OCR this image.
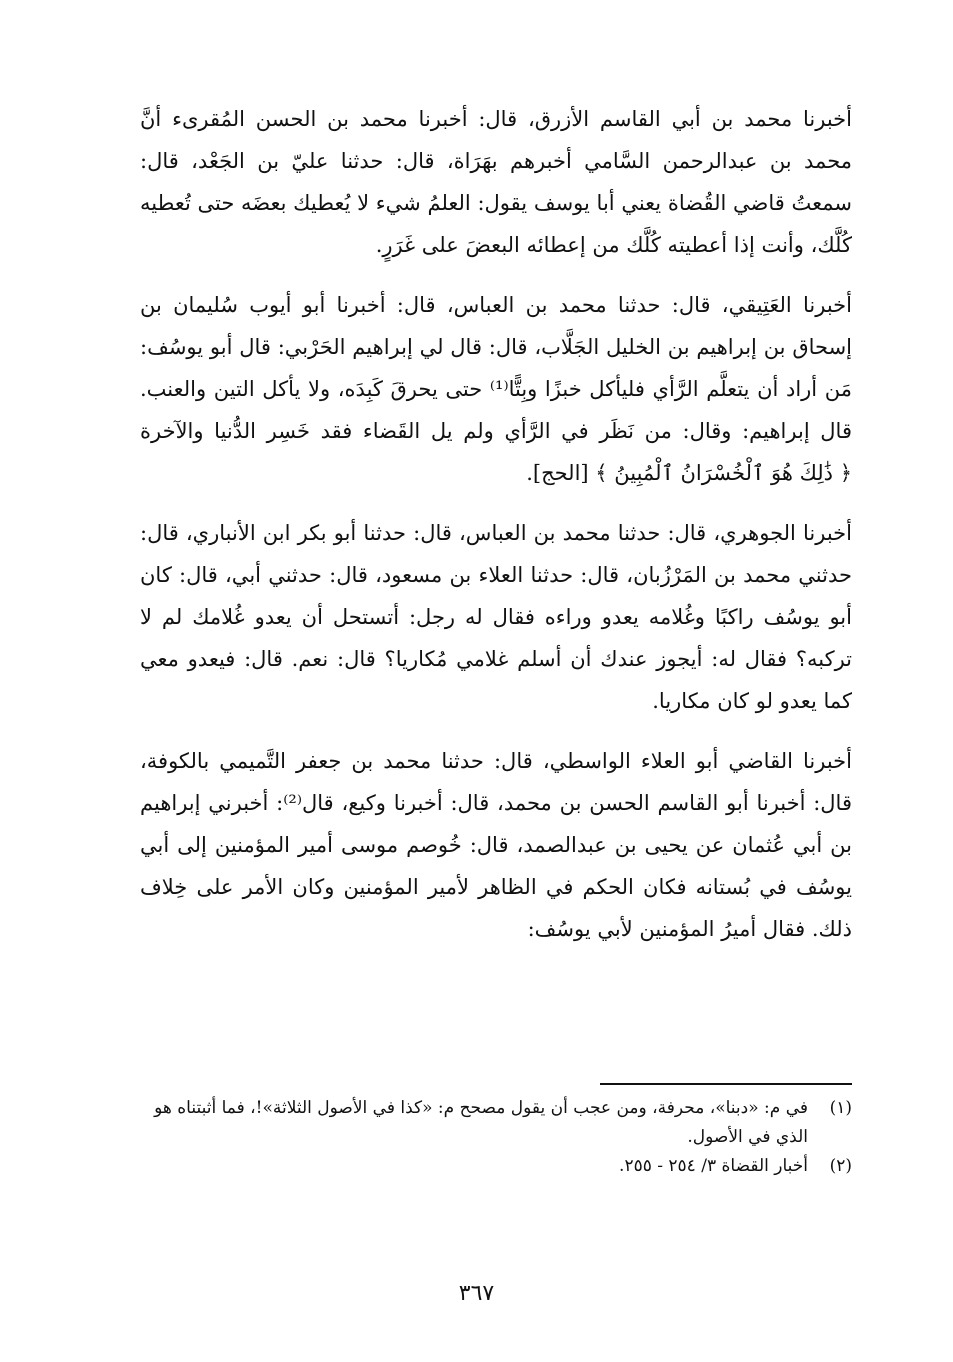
أخبرنا محمد بن أبي القاسم الأزرق، قال: أخبرنا محمد بن الحسن المُقرىء أنَّ محمد بن عبدالرحمن السَّامي أخبرهم بهَرَاة، قال: حدثنا عليّ بن الجَعْد، قال: سمعتُ قاضي القُضاة يعني أبا يوسف يقول: العلمُ شيء لا يُعطيك بعضَه حتى تُعطيه كُلَّك، وأنت إذا أعطيته كُلَّك من إعطائه البعضَ على غَرَرٍ.

أخبرنا العَتِيقي، قال: حدثنا محمد بن العباس، قال: أخبرنا أبو أيوب سُليمان بن إسحاق بن إبراهيم بن الخليل الجَلَّاب، قال: قال لي إبراهيم الحَرْبي: قال أبو يوسُف: مَن أراد أن يتعلَّم الرَّأي فليأكل خبزًا وبِتًّا⁽¹⁾ حتى يحرقَ كَبِدَه، ولا يأكل التين والعنب. قال إبراهيم: وقال: من نَظَر في الرَّأي ولم يل القَضاء فقد خَسِر الدُّنيا والآخرة ﴿ ذَٰلِكَ هُوَ ٱلْخُسْرَانُ ٱلْمُبِينُ ﴾ [الحج].

أخبرنا الجوهري، قال: حدثنا محمد بن العباس، قال: حدثنا أبو بكر ابن الأنباري، قال: حدثني محمد بن المَرْزُبان، قال: حدثنا العلاء بن مسعود، قال: حدثني أبي، قال: كان أبو يوسُف راكبًا وغُلامه يعدو وراءه فقال له رجل: أتستحل أن يعدو غُلامك لم لا تركبه؟ فقال له: أيجوز عندك أن أسلم غلامي مُكاريا؟ قال: نعم. قال: فيعدو معي كما يعدو لو كان مكاريا.

أخبرنا القاضي أبو العلاء الواسطي، قال: حدثنا محمد بن جعفر التَّميمي بالكوفة، قال: أخبرنا أبو القاسم الحسن بن محمد، قال: أخبرنا وكيع، قال⁽²⁾: أخبرني إبراهيم بن أبي عُثمان عن يحيى بن عبدالصمد، قال: خُوصم موسى أمير المؤمنين إلى أبي يوسُف في بُستانه فكان الحكم في الظاهر لأمير المؤمنين وكان الأمر على خِلاف ذلك. فقال أميرُ المؤمنين لأبي يوسُف:

(١)
في م: «دبنا»، محرفة، ومن عجب أن يقول مصحح م: «كذا في الأصول الثلاثة»!، فما أثبتناه هو الذي في الأصول.

(٢)
أخبار القضاة ٣/ ٢٥٤ - ٢٥٥.

٣٦٧
